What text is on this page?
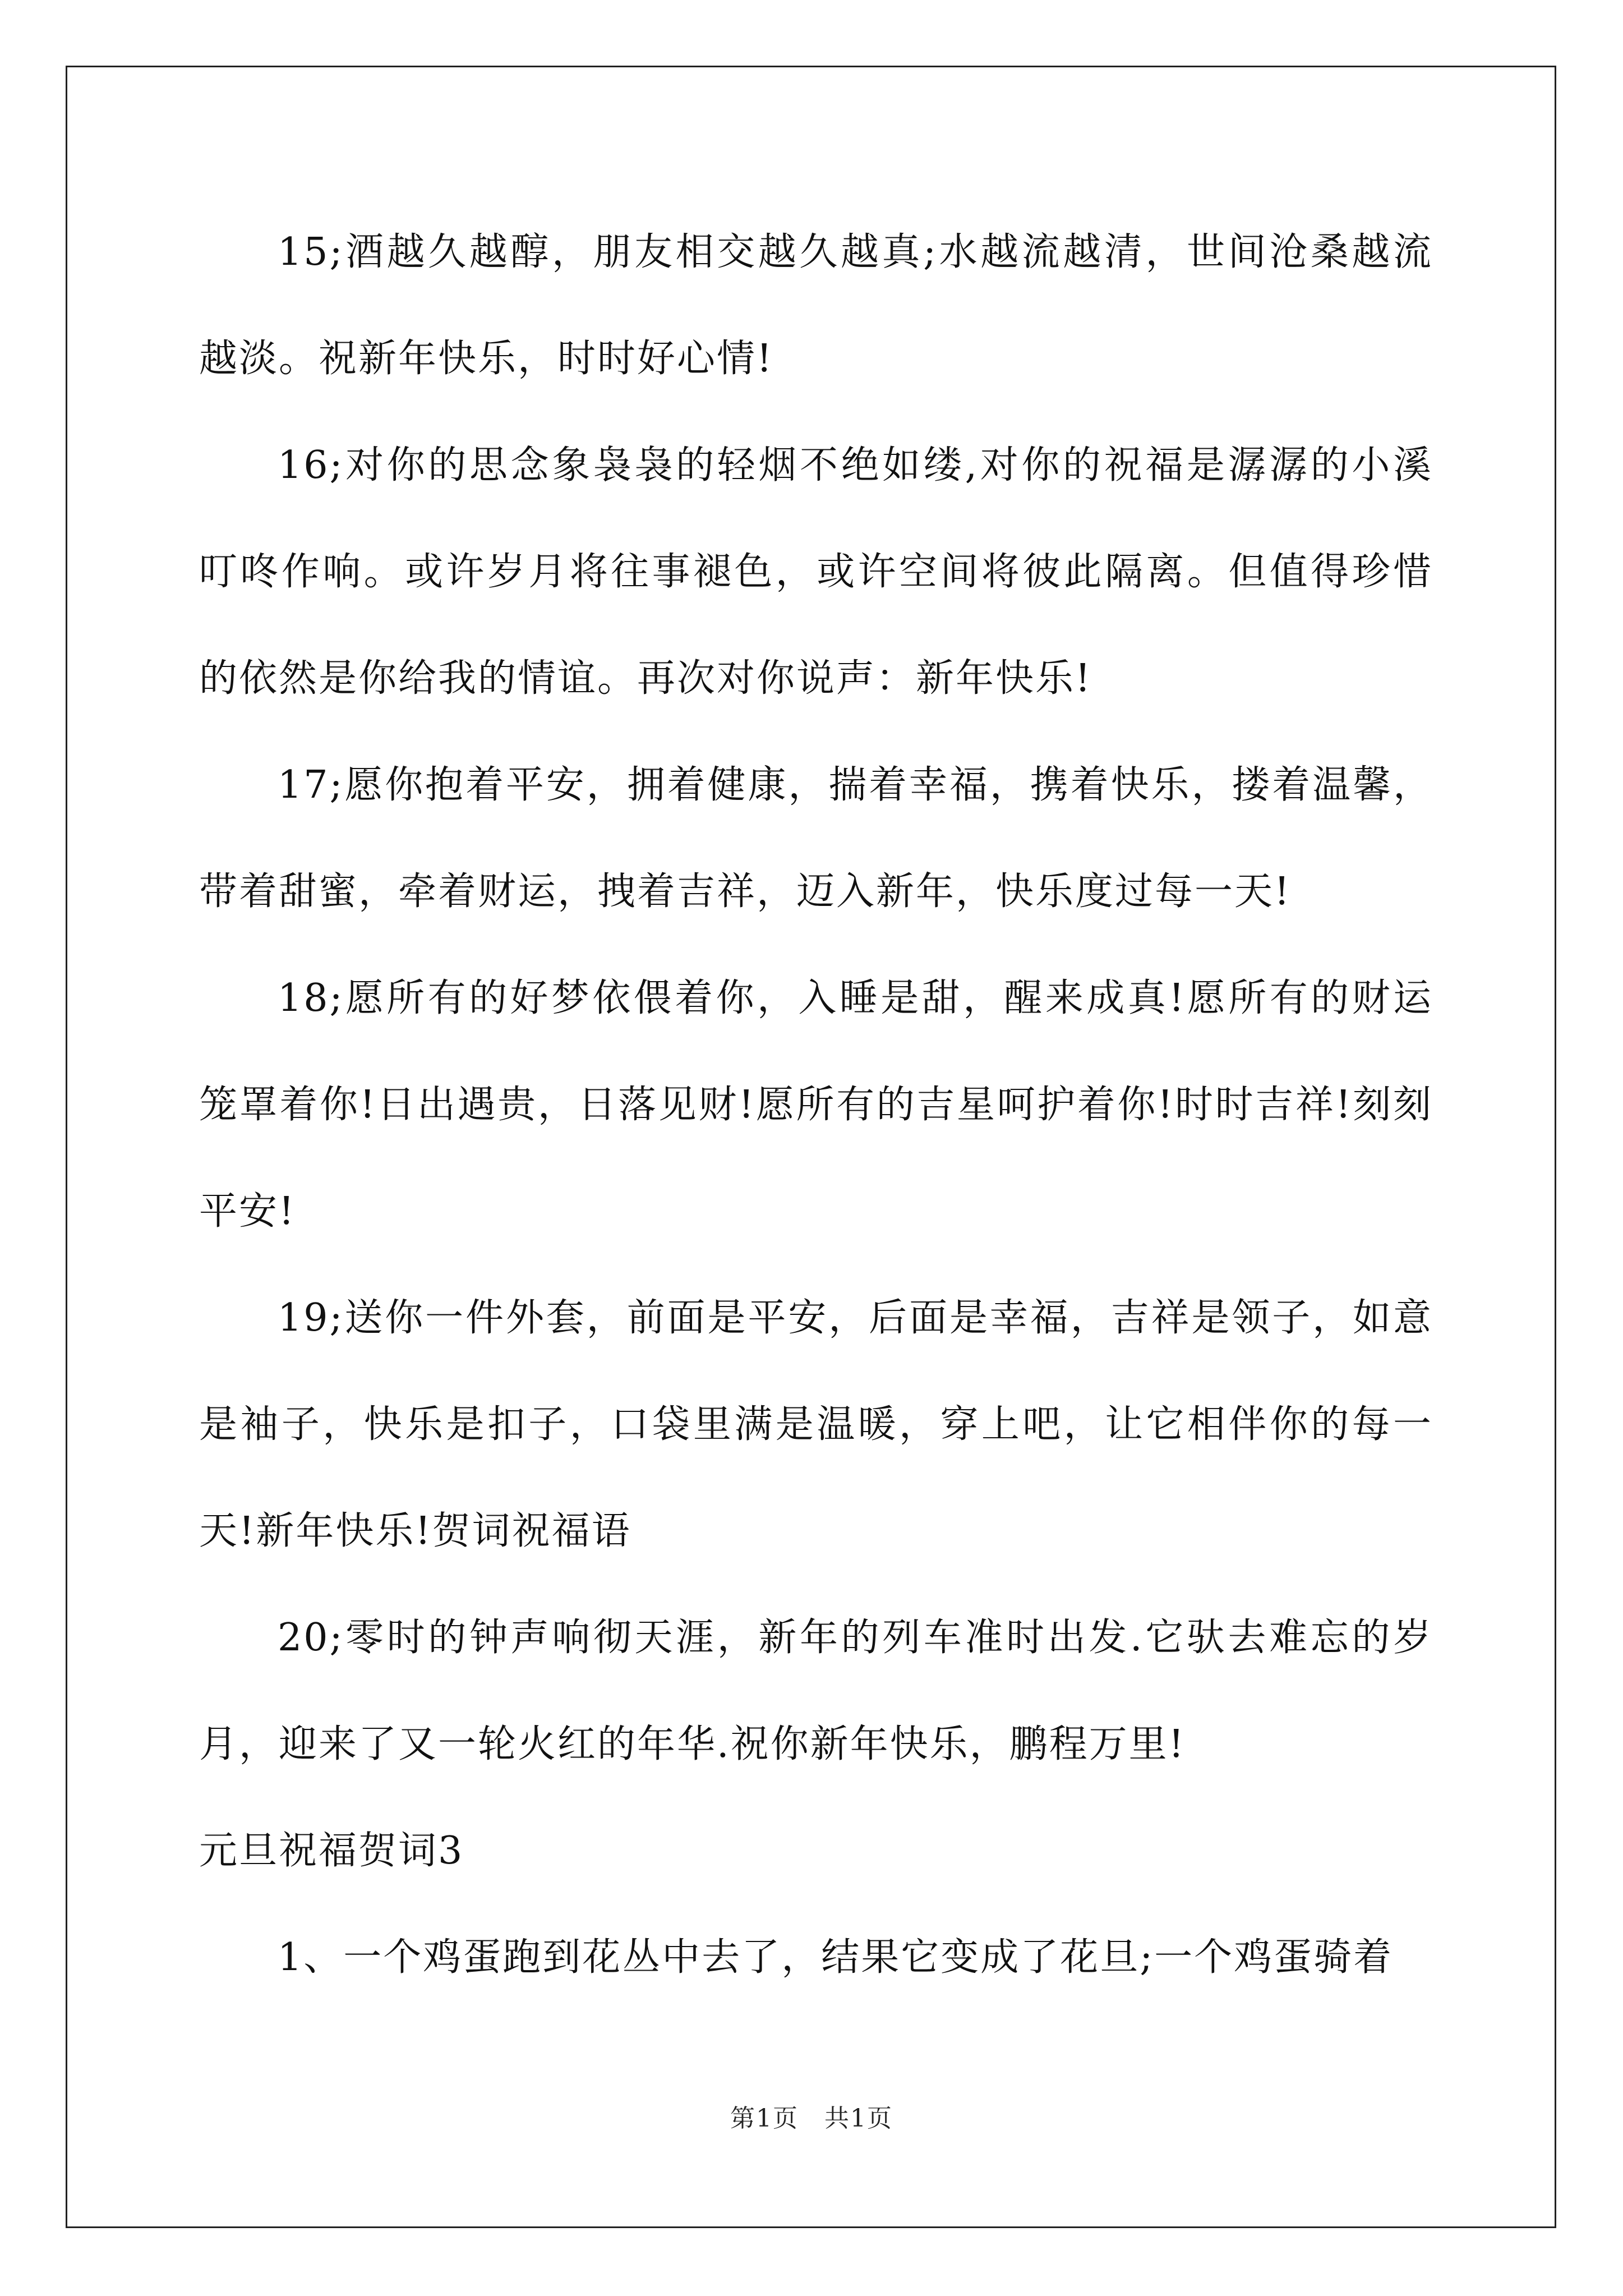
15;酒越久越醇，朋友相交越久越真;水越流越清，世间沧桑越流越淡。祝新年快乐，时时好心情!
16;对你的思念象袅袅的轻烟不绝如缕,对你的祝福是潺潺的小溪叮咚作响。或许岁月将往事褪色，或许空间将彼此隔离。但值得珍惜的依然是你给我的情谊。再次对你说声：新年快乐!
17;愿你抱着平安，拥着健康，揣着幸福，携着快乐，搂着温馨，带着甜蜜，牵着财运，拽着吉祥，迈入新年，快乐度过每一天!
18;愿所有的好梦依偎着你，入睡是甜，醒来成真!愿所有的财运笼罩着你!日出遇贵，日落见财!愿所有的吉星呵护着你!时时吉祥!刻刻平安!
19;送你一件外套，前面是平安，后面是幸福，吉祥是领子，如意是袖子，快乐是扣子，口袋里满是温暖，穿上吧，让它相伴你的每一天!新年快乐!贺词祝福语
20;零时的钟声响彻天涯，新年的列车准时出发.它驮去难忘的岁月，迎来了又一轮火红的年华.祝你新年快乐，鹏程万里!
元旦祝福贺词3
1、一个鸡蛋跑到花丛中去了，结果它变成了花旦;一个鸡蛋骑着
第1页　共1页
